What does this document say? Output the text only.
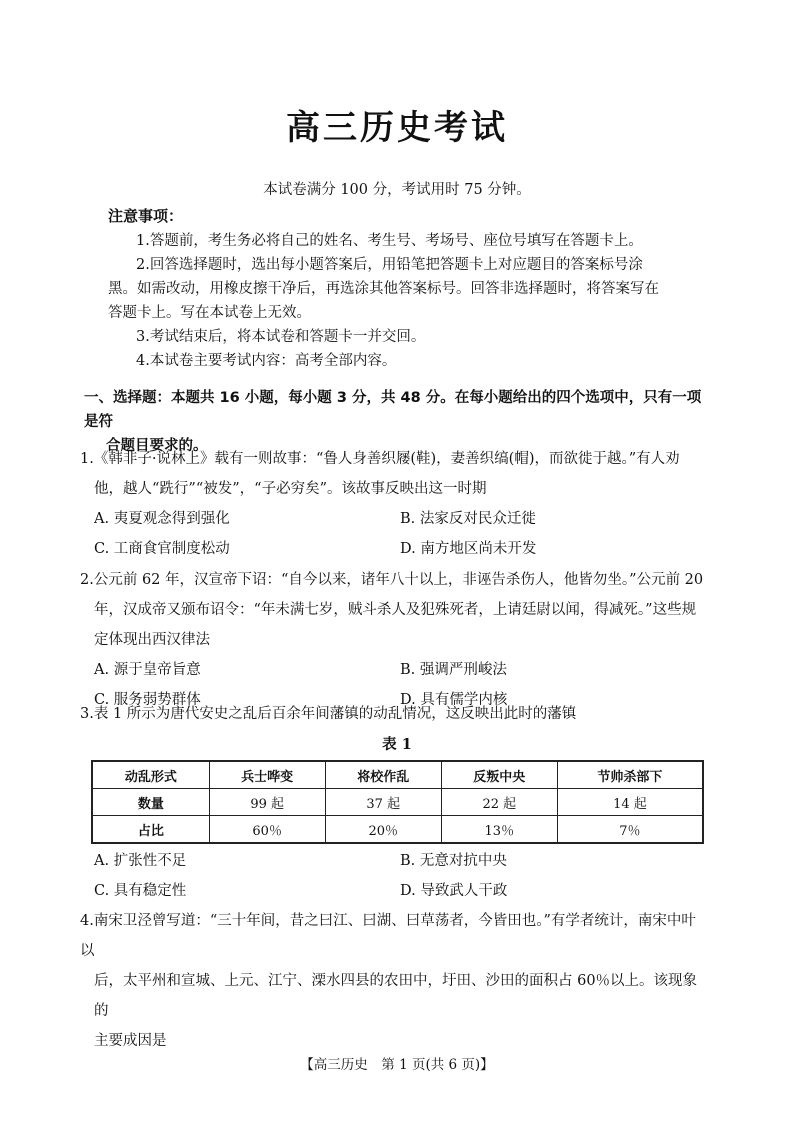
高三历史考试
本试卷满分 100 分，考试用时 75 分钟。
注意事项：

1.答题前，考生务必将自己的姓名、考生号、考场号、座位号填写在答题卡上。

2.回答选择题时，选出每小题答案后，用铅笔把答题卡上对应题目的答案标号涂

黑。如需改动，用橡皮擦干净后，再选涂其他答案标号。回答非选择题时，将答案写在

答题卡上。写在本试卷上无效。

3.考试结束后，将本试卷和答题卡一并交回。

4.本试卷主要考试内容：高考全部内容。

一、选择题：本题共 16 小题，每小题 3 分，共 48 分。在每小题给出的四个选项中，只有一项是符
合题目要求的。

1.《韩非子·说林上》载有一则故事：“鲁人身善织屦(鞋)，妻善织缟(帽)，而欲徙于越。”有人劝

他，越人“跣行”“被发”，“子必穷矣”。该故事反映出这一时期

A. 夷夏观念得到强化	B. 法家反对民众迁徙
C. 工商食官制度松动	D. 南方地区尚未开发

2.公元前 62 年，汉宣帝下诏：“自今以来，诸年八十以上，非诬告杀伤人，他皆勿坐。”公元前 20

年，汉成帝又颁布诏令：“年未满七岁，贼斗杀人及犯殊死者，上请廷尉以闻，得减死。”这些规

定体现出西汉律法

A. 源于皇帝旨意	B. 强调严刑峻法
C. 服务弱势群体	D. 具有儒学内核

3.表 1 所示为唐代安史之乱后百余年间藩镇的动乱情况，这反映出此时的藩镇

表 1
动乱形式	兵士哗变	将校作乱	反叛中央	节帅杀部下
数量	99 起	37 起	22 起	14 起
占比	60％	20％	13％	7％
A. 扩张性不足	B. 无意对抗中央
C. 具有稳定性	D. 导致武人干政

4.南宋卫泾曾写道：“三十年间，昔之曰江、曰湖、曰草荡者，今皆田也。”有学者统计，南宋中叶以

后，太平州和宣城、上元、江宁、溧水四县的农田中，圩田、沙田的面积占 60％以上。该现象的

主要成因是

【高三历史　第 1 页(共 6 页)】
